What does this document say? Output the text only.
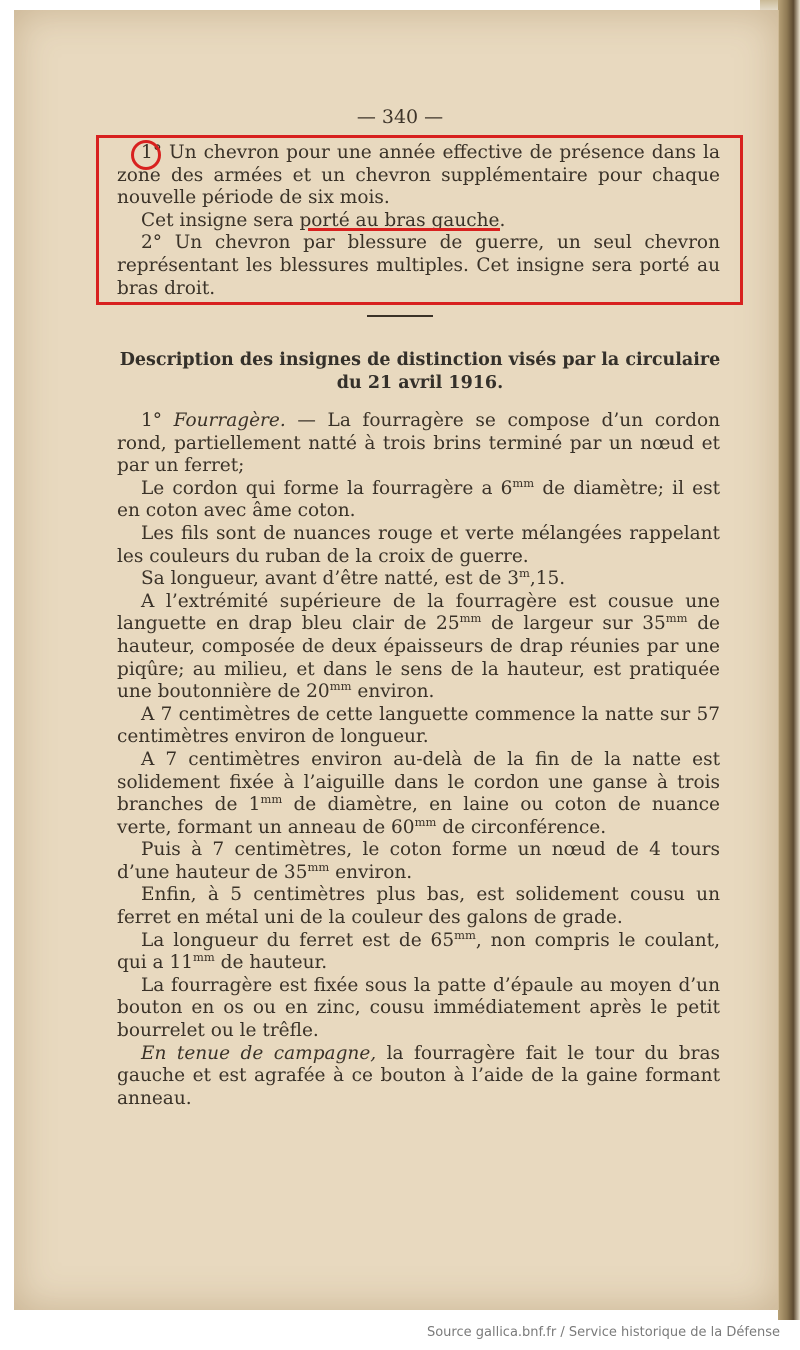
— 340 —

1° Un chevron pour une année effective de présence dans la zone des armées et un chevron supplémentaire pour chaque nouvelle période de six mois.

Cet insigne sera porté au bras gauche.

2° Un chevron par blessure de guerre, un seul chevron représentant les blessures multiples. Cet insigne sera porté au bras droit.

Description des insignes de distinction visés par la circulaire
du 21 avril 1916.

1° Fourragère. — La fourragère se compose d’un cordon rond, partiellement natté à trois brins terminé par un nœud et par un ferret;

Le cordon qui forme la fourragère a $6^{mm}$ de diamètre; il est en coton avec âme coton.

Les fils sont de nuances rouge et verte mélangées rappelant les couleurs du ruban de la croix de guerre.

Sa longueur, avant d’être natté, est de 3$^m$,15.

A l’extrémité supérieure de la fourragère est cousue une languette en drap bleu clair de $25^{mm}$ de largeur sur $35^{mm}$ de hauteur, composée de deux épaisseurs de drap réunies par une piqûre; au milieu, et dans le sens de la hauteur, est pratiquée une boutonnière de $20^{mm}$ environ.

A 7 centimètres de cette languette commence la natte sur 57 centimètres environ de longueur.

A 7 centimètres environ au-delà de la fin de la natte est solidement fixée à l’aiguille dans le cordon une ganse à trois branches de $1^{mm}$ de diamètre, en laine ou coton de nuance verte, formant un anneau de $60^{mm}$ de circonférence.

Puis à 7 centimètres, le coton forme un nœud de 4 tours d’une hauteur de $35^{mm}$ environ.

Enfin, à 5 centimètres plus bas, est solidement cousu un ferret en métal uni de la couleur des galons de grade.

La longueur du ferret est de $65^{mm}$, non compris le coulant, qui a $11^{mm}$ de hauteur.

La fourragère est fixée sous la patte d’épaule au moyen d’un bouton en os ou en zinc, cousu immédiatement après le petit bourrelet ou le trêfle.

En tenue de campagne, la fourragère fait le tour du bras gauche et est agrafée à ce bouton à l’aide de la gaine formant anneau.

Source gallica.bnf.fr / Service historique de la Défense
